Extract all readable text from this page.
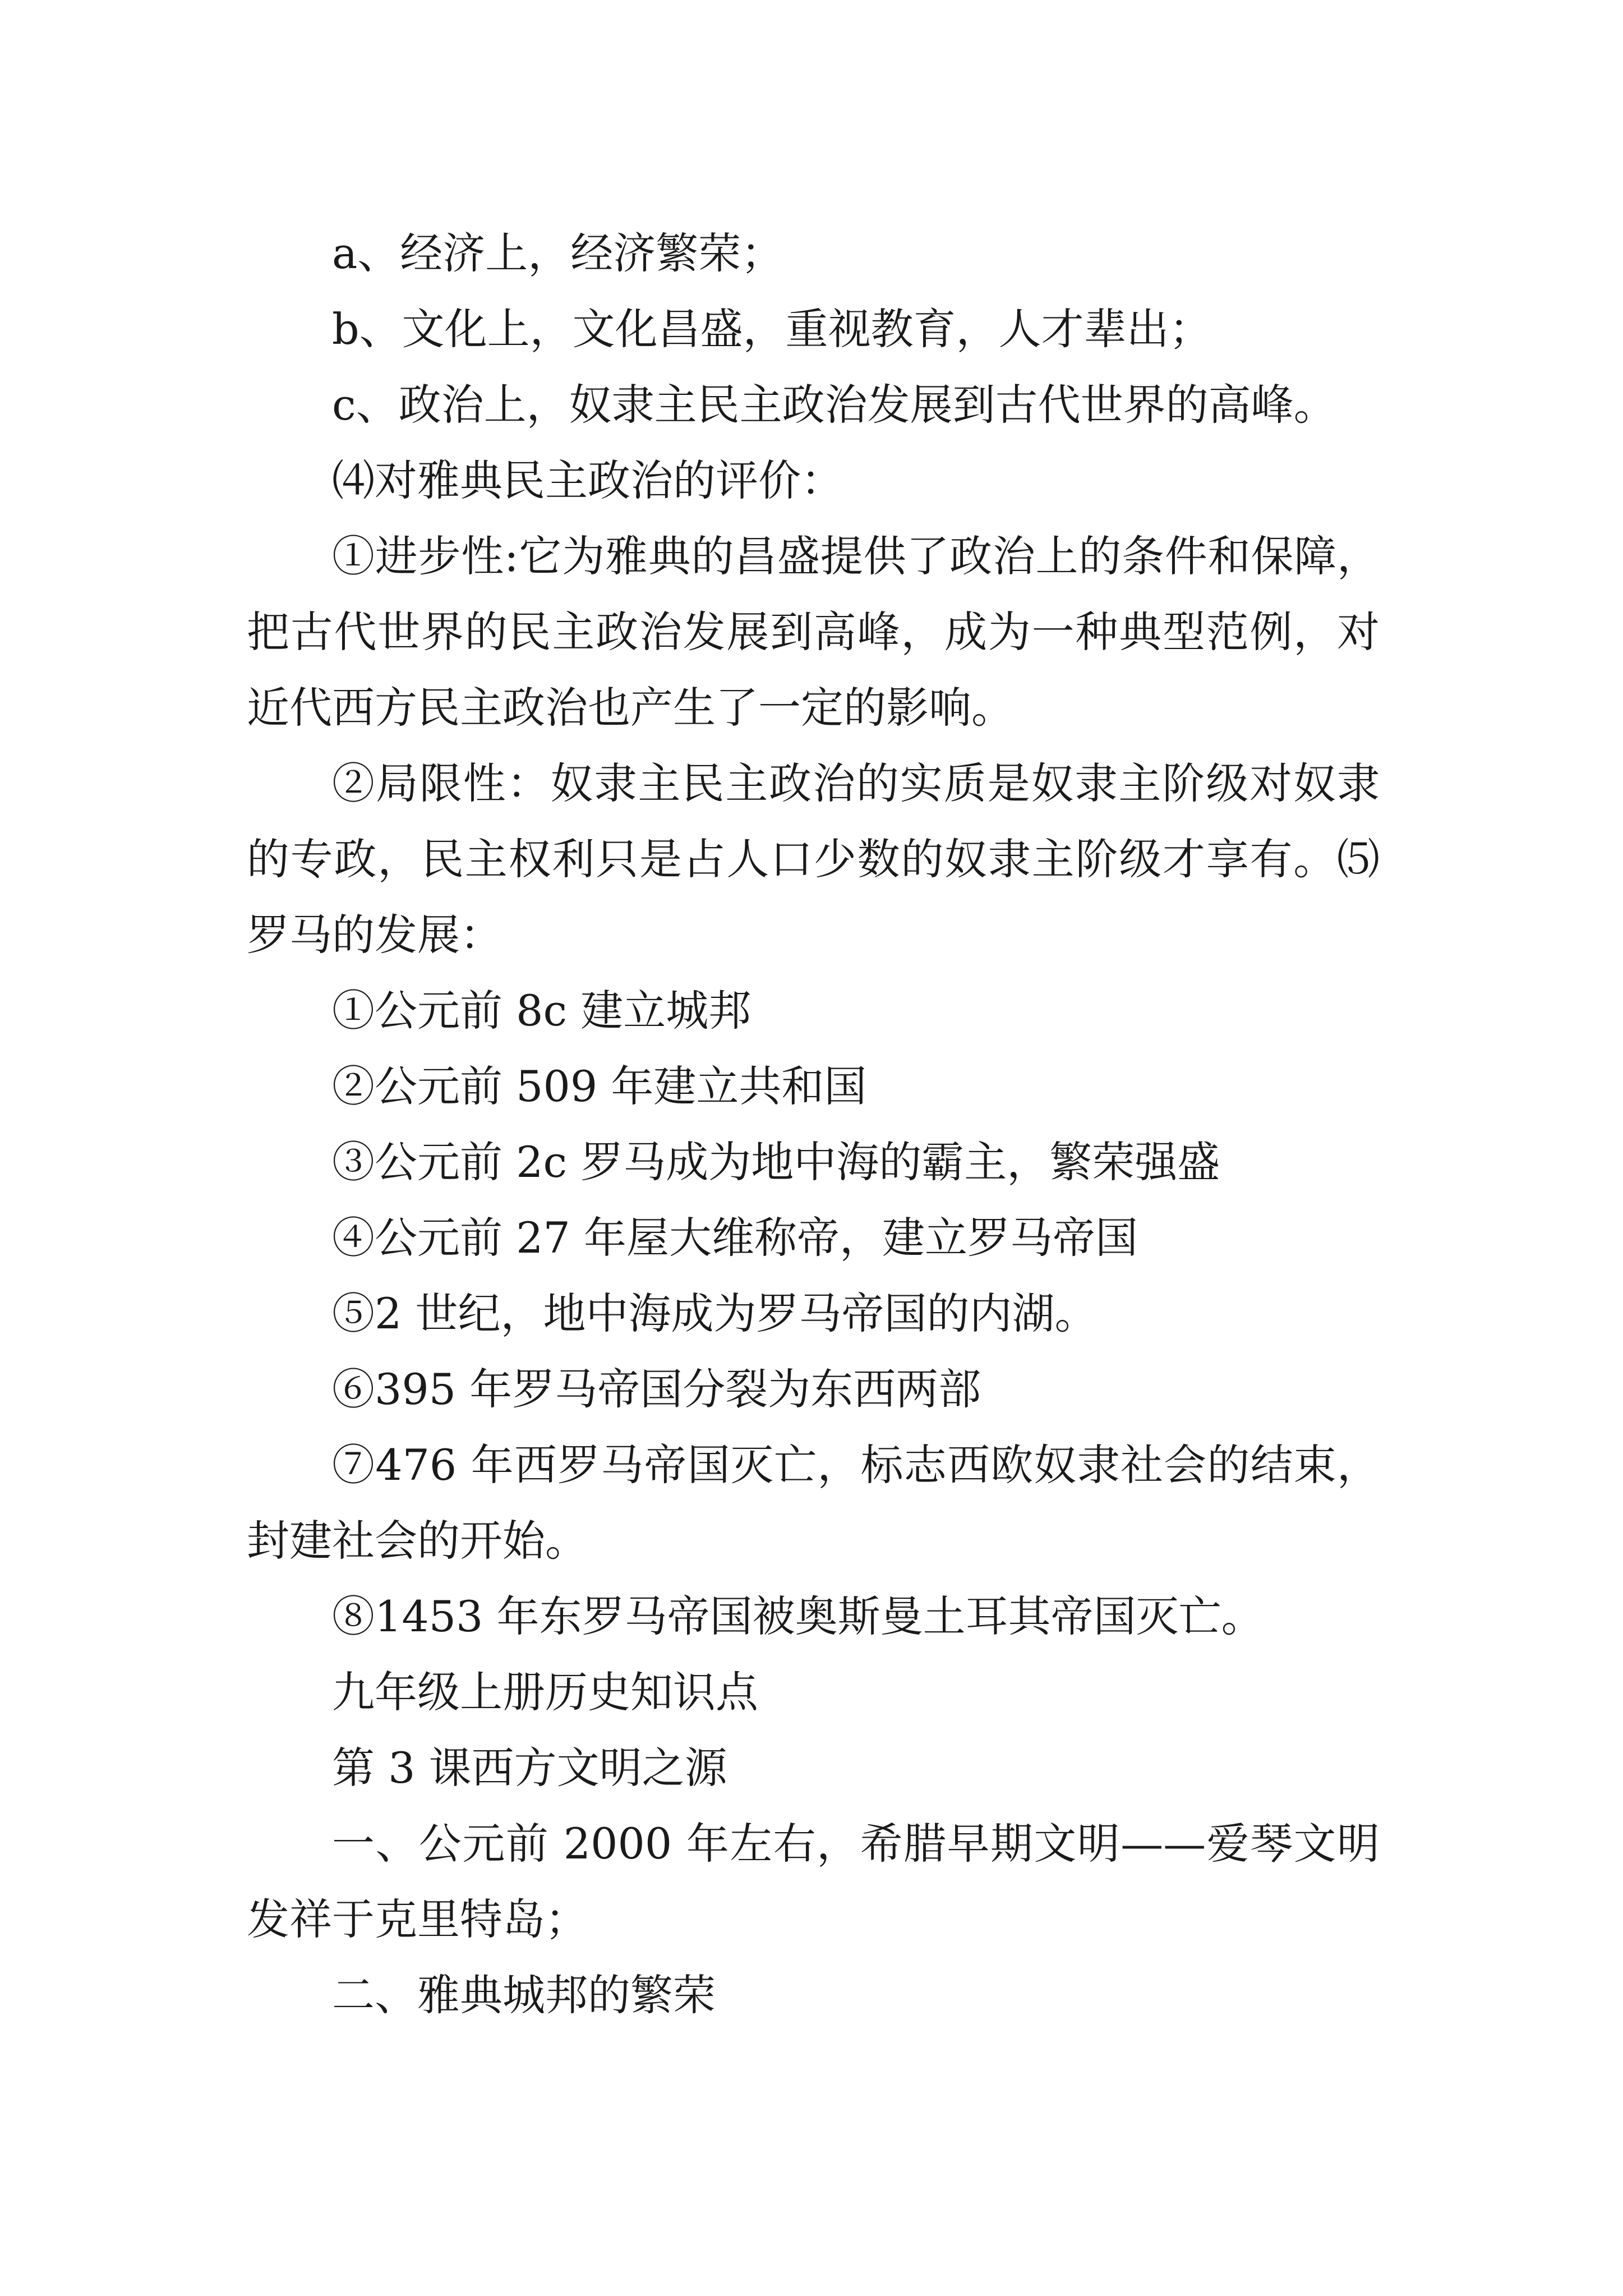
a、经济上，经济繁荣；

b、文化上，文化昌盛，重视教育，人才辈出；

c、政治上，奴隶主民主政治发展到古代世界的高峰。

⑷对雅典民主政治的评价：

①进步性:它为雅典的昌盛提供了政治上的条件和保障，把古代世界的民主政治发展到高峰，成为一种典型范例，对近代西方民主政治也产生了一定的影响。

②局限性：奴隶主民主政治的实质是奴隶主阶级对奴隶的专政，民主权利只是占人口少数的奴隶主阶级才享有。⑸罗马的发展：

①公元前 8c 建立城邦

②公元前 509 年建立共和国

③公元前 2c 罗马成为地中海的霸主，繁荣强盛

④公元前 27 年屋大维称帝，建立罗马帝国

⑤2 世纪，地中海成为罗马帝国的内湖。

⑥395 年罗马帝国分裂为东西两部

⑦476 年西罗马帝国灭亡，标志西欧奴隶社会的结束，封建社会的开始。

⑧1453 年东罗马帝国被奥斯曼土耳其帝国灭亡。

九年级上册历史知识点

第 3 课西方文明之源

一、公元前 2000 年左右，希腊早期文明——爱琴文明发祥于克里特岛；

二、雅典城邦的繁荣
